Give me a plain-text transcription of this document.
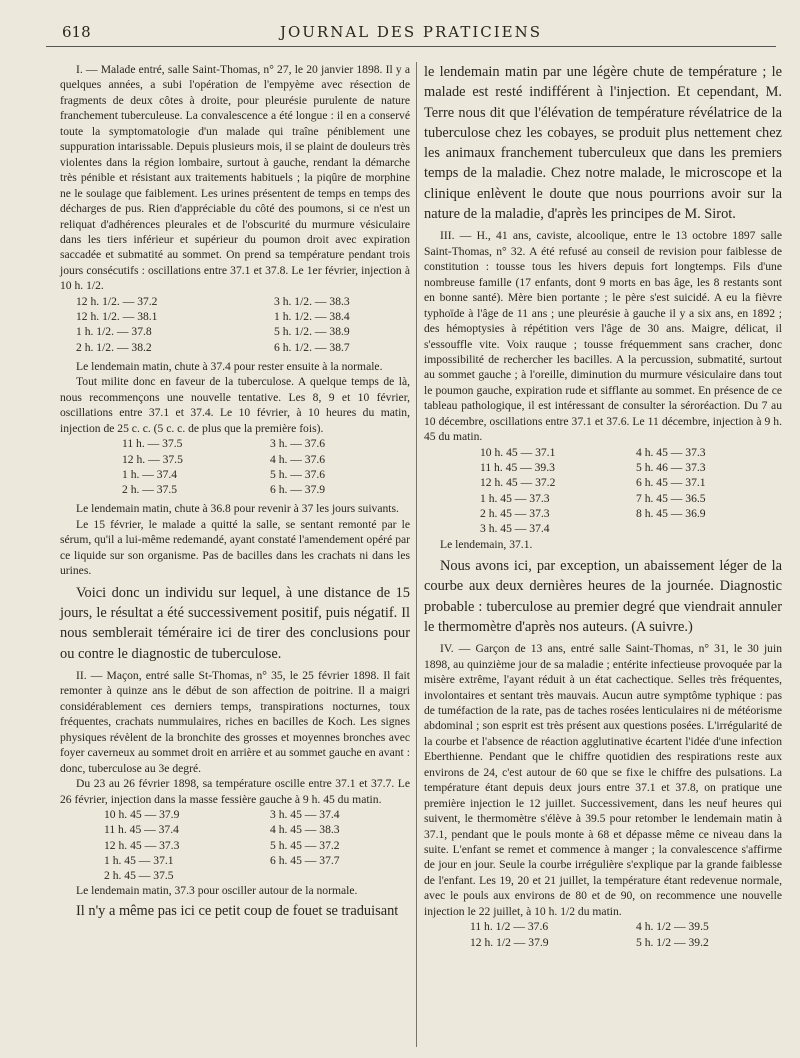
618	JOURNAL DES PRATICIENS

I. — Malade entré, salle Saint-Thomas, n° 27, le 20 janvier 1898. Il y a quelques années, a subi l'opération de l'empyème avec résection de fragments de deux côtes à droite, pour pleurésie purulente de nature franchement tuberculeuse. La convalescence a été longue : il en a conservé toute la symptomatologie d'un malade qui traîne péniblement une suppuration intarissable. Depuis plusieurs mois, il se plaint de douleurs très violentes dans la région lombaire, surtout à gauche, rendant la démarche très pénible et résistant aux traitements habituels ; la piqûre de morphine ne le soulage que faiblement. Les urines présentent de temps en temps des décharges de pus. Rien d'appréciable du côté des poumons, si ce n'est un reliquat d'adhérences pleurales et de l'obscurité du murmure vésiculaire dans les tiers inférieur et supérieur du poumon droit avec expiration saccadée et submatité au sommet. On prend sa température pendant trois jours consécutifs : oscillations entre 37.1 et 37.8. Le 1er février, injection à 10 h. 1/2.

12 h. 1/2. — 37.2	3 h. 1/2. — 38.3
12 h. 1/2. — 38.1	1 h. 1/2. — 38.4
1 h. 1/2. — 37.8	5 h. 1/2. — 38.9
2 h. 1/2. — 38.2	6 h. 1/2. — 38.7

Le lendemain matin, chute à 37.4 pour rester ensuite à la normale.

Tout milite donc en faveur de la tuberculose. A quelque temps de là, nous recommençons une nouvelle tentative. Les 8, 9 et 10 février, oscillations entre 37.1 et 37.4. Le 10 février, à 10 heures du matin, injection de 25 c. c. (5 c. c. de plus que la première fois).

11 h. — 37.5	3 h. — 37.6
12 h. — 37.5	4 h. — 37.6
1 h. — 37.4	5 h. — 37.6
2 h. — 37.5	6 h. — 37.9

Le lendemain matin, chute à 36.8 pour revenir à 37 les jours suivants.

Le 15 février, le malade a quitté la salle, se sentant remonté par le sérum, qu'il a lui-même redemandé, ayant constaté l'amendement opéré par ce liquide sur son organisme. Pas de bacilles dans les crachats ni dans les urines.

Voici donc un individu sur lequel, à une distance de 15 jours, le résultat a été successivement positif, puis négatif. Il nous semblerait téméraire ici de tirer des conclusions pour ou contre le diagnostic de tuberculose.

II. — Maçon, entré salle St-Thomas, n° 35, le 25 février 1898. Il fait remonter à quinze ans le début de son affection de poitrine. Il a maigri considérablement ces derniers temps, transpirations nocturnes, toux fréquentes, crachats nummulaires, riches en bacilles de Koch. Les signes physiques révèlent de la bronchite des grosses et moyennes bronches avec foyer caverneux au sommet droit en arrière et au sommet gauche en avant : donc, tuberculose au 3e degré.

Du 23 au 26 février 1898, sa température oscille entre 37.1 et 37.7. Le 26 février, injection dans la masse fessière gauche à 9 h. 45 du matin.

10 h. 45 — 37.9	3 h. 45 — 37.4
11 h. 45 — 37.4	4 h. 45 — 38.3
12 h. 45 — 37.3	5 h. 45 — 37.2
1 h. 45 — 37.1	6 h. 45 — 37.7
2 h. 45 — 37.5	

Le lendemain matin, 37.3 pour osciller autour de la normale.

Il n'y a même pas ici ce petit coup de fouet se traduisant

le lendemain matin par une légère chute de température ; le malade est resté indifférent à l'injection. Et cependant, M. Terre nous dit que l'élévation de température révélatrice de la tuberculose chez les cobayes, se produit plus nettement chez les animaux franchement tuberculeux que dans les premiers temps de la maladie. Chez notre malade, le microscope et la clinique enlèvent le doute que nous pourrions avoir sur la nature de la maladie, d'après les principes de M. Sirot.

III. — H., 41 ans, caviste, alcoolique, entre le 13 octobre 1897 salle Saint-Thomas, n° 32. A été refusé au conseil de revision pour faiblesse de constitution : tousse tous les hivers depuis fort longtemps. Fils d'une nombreuse famille (17 enfants, dont 9 morts en bas âge, les 8 restants sont en bonne santé). Mère bien portante ; le père s'est suicidé. A eu la fièvre typhoïde à l'âge de 11 ans ; une pleurésie à gauche il y a six ans, en 1892 ; des hémoptysies à répétition vers l'âge de 30 ans. Maigre, délicat, il s'essouffle vite. Voix rauque ; tousse fréquemment sans cracher, donc impossibilité de rechercher les bacilles. A la percussion, submatité, surtout au sommet gauche ; à l'oreille, diminution du murmure vésiculaire dans tout le poumon gauche, expiration rude et sifflante au sommet. En présence de ce tableau pathologique, il est intéressant de consulter la séroréaction. Du 7 au 10 décembre, oscillations entre 37.1 et 37.6. Le 11 décembre, injection à 9 h. 45 du matin.

10 h. 45 — 37.1	4 h. 45 — 37.3
11 h. 45 — 39.3	5 h. 46 — 37.3
12 h. 45 — 37.2	6 h. 45 — 37.1
1 h. 45 — 37.3	7 h. 45 — 36.5
2 h. 45 — 37.3	8 h. 45 — 36.9
3 h. 45 — 37.4	

Le lendemain, 37.1.

Nous avons ici, par exception, un abaissement léger de la courbe aux deux dernières heures de la journée. Diagnostic probable : tuberculose au premier degré que viendrait annuler le thermomètre d'après nos auteurs. (A suivre.)

IV. — Garçon de 13 ans, entré salle Saint-Thomas, n° 31, le 30 juin 1898, au quinzième jour de sa maladie ; entérite infectieuse provoquée par la misère extrême, l'ayant réduit à un état cachectique. Selles très fréquentes, involontaires et sentant très mauvais. Aucun autre symptôme typhique : pas de tuméfaction de la rate, pas de taches rosées lenticulaires ni de météorisme abdominal ; son esprit est très présent aux questions posées. L'irrégularité de la courbe et l'absence de réaction agglutinative écartent l'idée d'une infection Eberthienne. Pendant que le chiffre quotidien des respirations reste aux environs de 24, c'est autour de 60 que se fixe le chiffre des pulsations. La température étant depuis deux jours entre 37.1 et 37.8, on pratique une première injection le 12 juillet. Successivement, dans les neuf heures qui suivent, le thermomètre s'élève à 39.5 pour retomber le lendemain matin à 37.1, pendant que le pouls monte à 68 et dépasse même ce niveau dans la suite. L'enfant se remet et commence à manger ; la convalescence s'affirme de jour en jour. Seule la courbe irrégulière s'explique par la grande faiblesse de l'enfant. Les 19, 20 et 21 juillet, la température étant redevenue normale, avec le pouls aux environs de 80 et de 90, on recommence une nouvelle injection le 22 juillet, à 10 h. 1/2 du matin.

11 h. 1/2 — 37.6	4 h. 1/2 — 39.5
12 h. 1/2 — 37.9	5 h. 1/2 — 39.2
